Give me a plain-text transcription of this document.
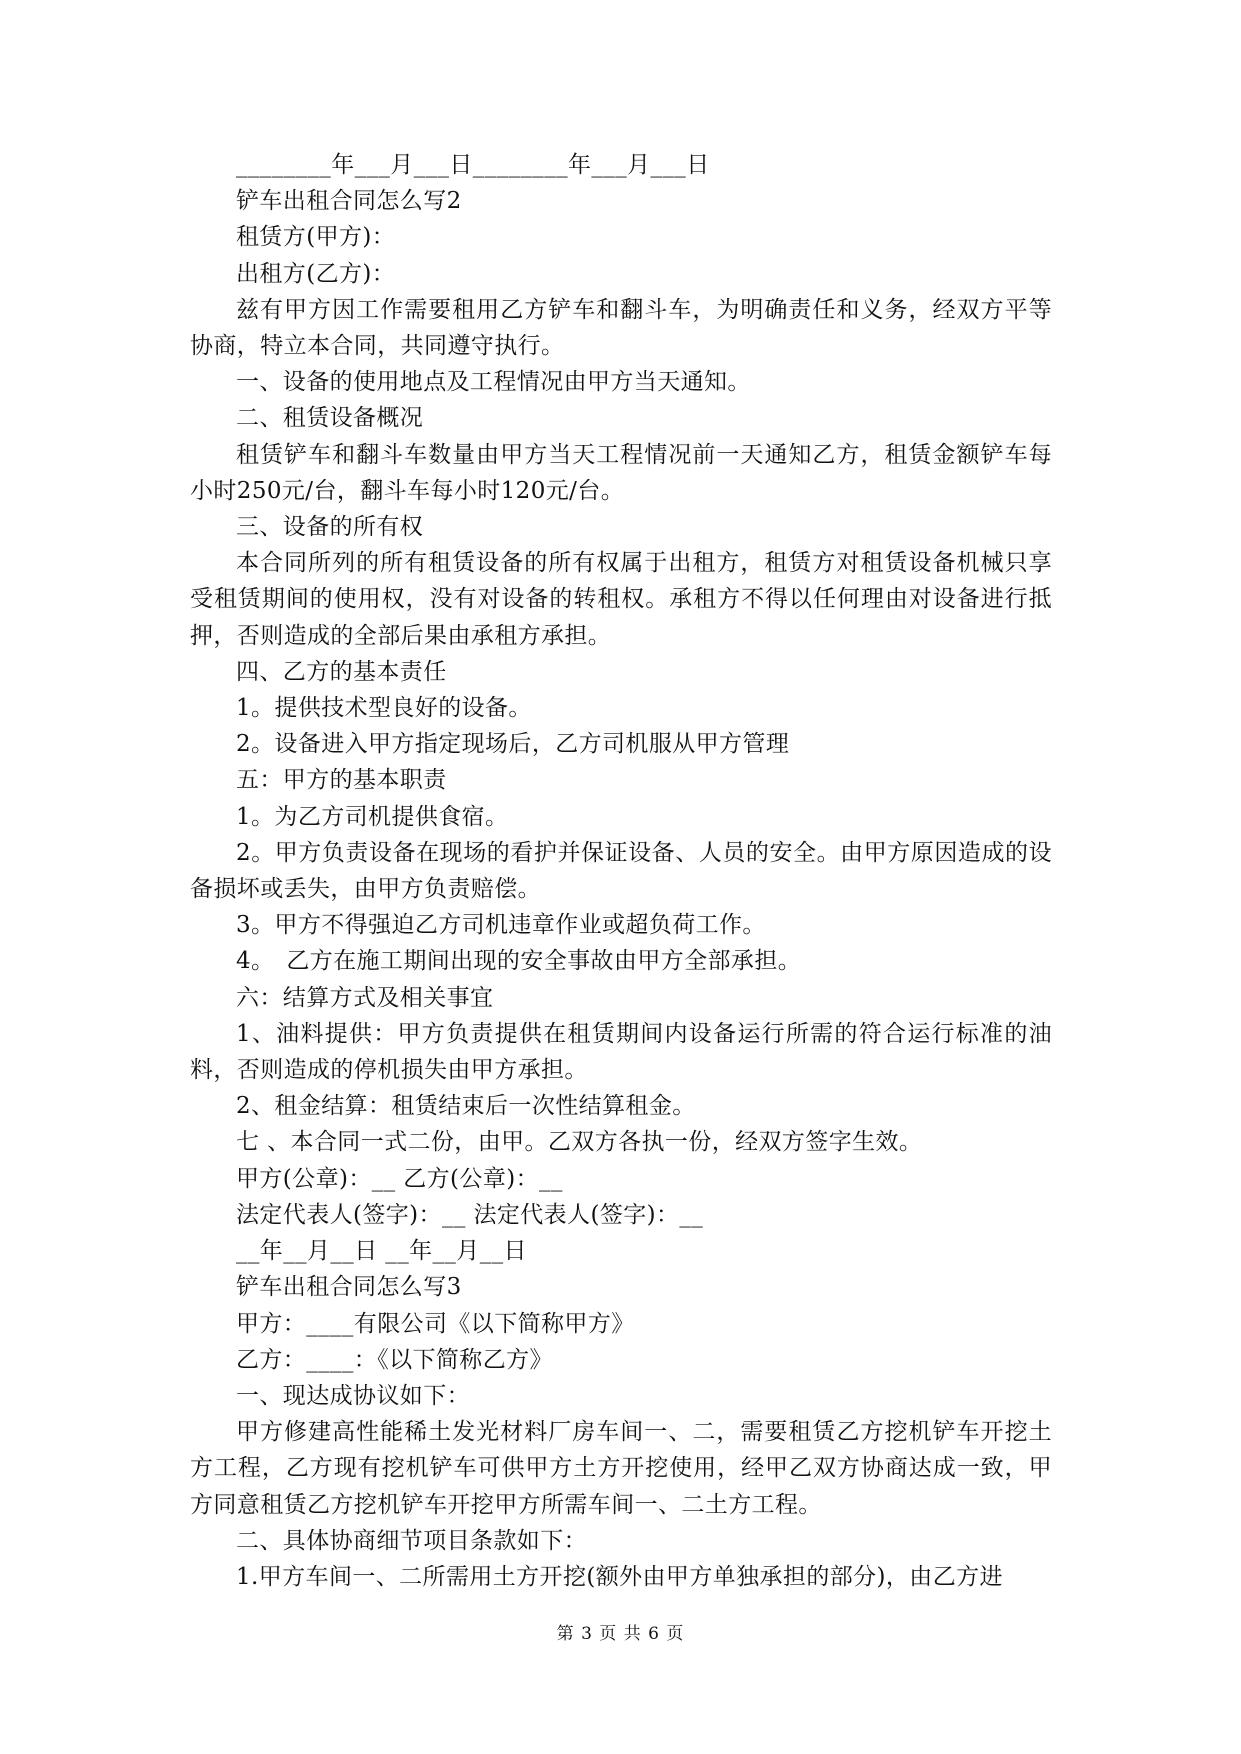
________年___月___日________年___月___日

铲车出租合同怎么写2

租赁方(甲方)：

出租方(乙方)：

兹有甲方因工作需要租用乙方铲车和翻斗车，为明确责任和义务，经双方平等协商，特立本合同，共同遵守执行。

一、设备的使用地点及工程情况由甲方当天通知。

二、租赁设备概况

租赁铲车和翻斗车数量由甲方当天工程情况前一天通知乙方，租赁金额铲车每小时250元/台，翻斗车每小时120元/台。

三、设备的所有权

本合同所列的所有租赁设备的所有权属于出租方，租赁方对租赁设备机械只享受租赁期间的使用权，没有对设备的转租权。承租方不得以任何理由对设备进行抵押，否则造成的全部后果由承租方承担。

四、乙方的基本责任

1。提供技术型良好的设备。

2。设备进入甲方指定现场后，乙方司机服从甲方管理

五：甲方的基本职责

1。为乙方司机提供食宿。

2。甲方负责设备在现场的看护并保证设备、人员的安全。由甲方原因造成的设备损坏或丢失，由甲方负责赔偿。

3。甲方不得强迫乙方司机违章作业或超负荷工作。

4。　乙方在施工期间出现的安全事故由甲方全部承担。

六：结算方式及相关事宜

1、油料提供：甲方负责提供在租赁期间内设备运行所需的符合运行标准的油料，否则造成的停机损失由甲方承担。

2、租金结算：租赁结束后一次性结算租金。

七 、本合同一式二份，由甲。乙双方各执一份，经双方签字生效。

甲方(公章)：__ 乙方(公章)：__

法定代表人(签字)：__ 法定代表人(签字)：__

__年__月__日 __年__月__日

铲车出租合同怎么写3

甲方：____有限公司《以下简称甲方》

乙方：____：《以下简称乙方》

一、现达成协议如下：

甲方修建高性能稀土发光材料厂房车间一、二，需要租赁乙方挖机铲车开挖土方工程，乙方现有挖机铲车可供甲方土方开挖使用，经甲乙双方协商达成一致，甲方同意租赁乙方挖机铲车开挖甲方所需车间一、二土方工程。

二、具体协商细节项目条款如下：

1.甲方车间一、二所需用土方开挖(额外由甲方单独承担的部分)，由乙方进

第 3 页 共 6 页
